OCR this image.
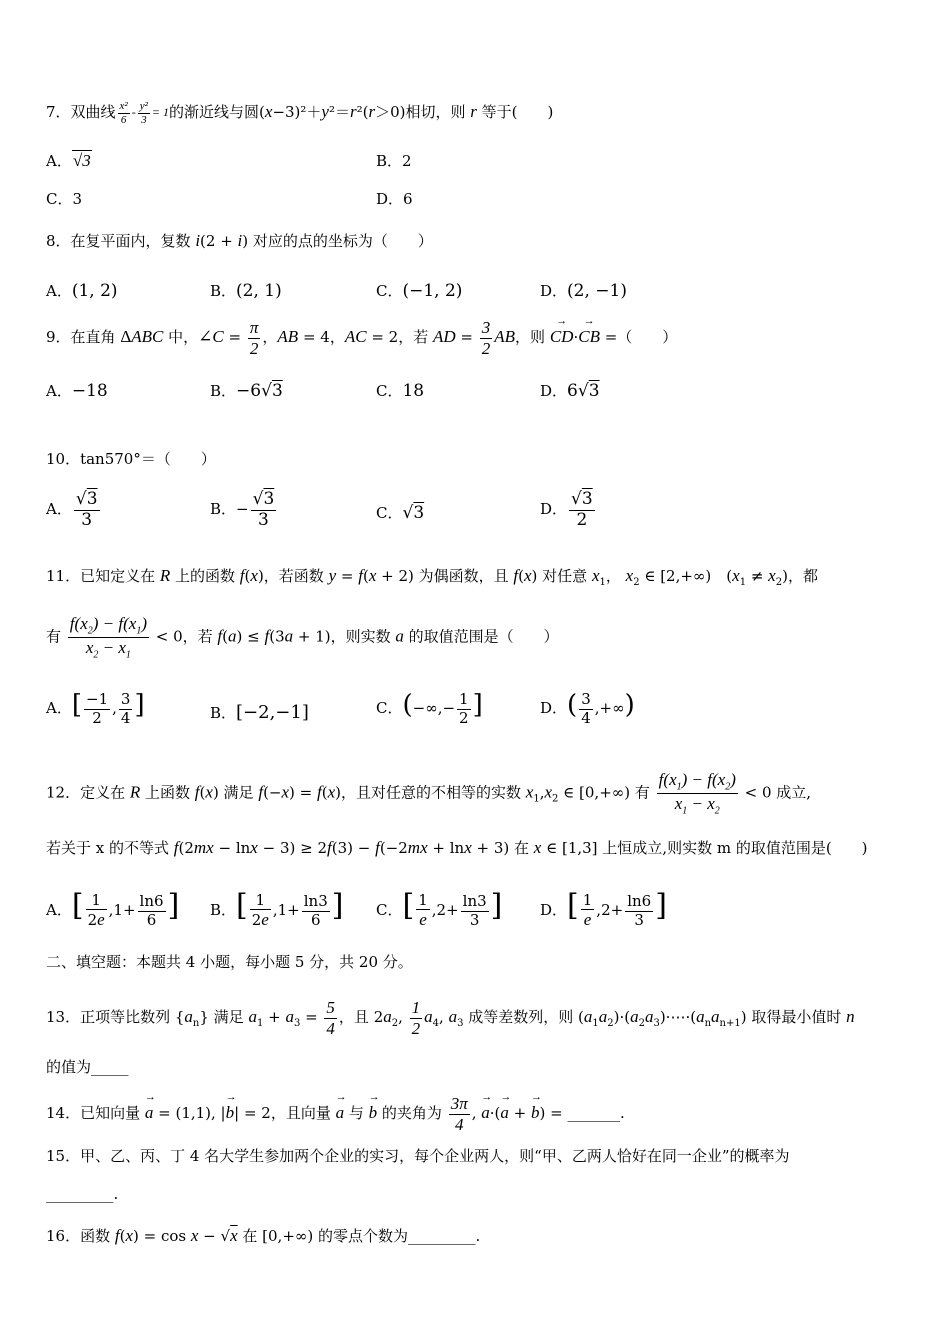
7．双曲线 $\frac{\text{x²}}{6} - \frac{\text{y²}}{3} = 1$的渐近线与圆(x−3)²＋y²＝r²(r＞0)相切，则 r 等于(　　)
A．√3	B．2
C．3	D．6
8．在复平面内，复数 i(2 + i) 对应的点的坐标为（　　）
A．(1, 2)	B．(2, 1)	C．(−1, 2)	D．(2, −1)
9．在直角 ΔABC 中，∠C = $\frac{\pi}{2}$ ，AB = 4，AC = 2，若 AD = $\frac{3}{2}$ AB，则 → CD·→ CB =（　　）
A．−18	B．−6√3	C．18	D．6√3
10．tan570°＝（　　）
A． $\frac{√3}{3}$	B．− $\frac{√3}{3}$	C．√3	D． $\frac{√3}{2}$
11．已知定义在 R 上的函数 f(x)，若函数 y = f(x + 2) 为偶函数，且 f(x) 对任意 $x_1$， $x_2$ ∈ [2,+∞)　$(x_1 \ne x_2)$，都
有 $\frac{f(x_2) - f(x_1)}{x_2 - x_1} < 0$，若 f(a) ≤ f(3a + 1)，则实数 a 的取值范围是（　　）
A．[ $\frac{-1}{2}$ , $\frac{3}{4}$ ]	B．[−2,−1]	C．(−∞,− $\frac{1}{2}$ ]	D．( $\frac{3}{4}$ ,+∞)
12．定义在 R 上函数 f(x) 满足 f(−x) = f(x)，且对任意的不相等的实数 $x_1,x_2$ ∈ [0,+∞) 有 $\frac{f(x_1) - f(x_2)}{x_1 - x_2} < 0$ 成立,
若关于 x 的不等式 f(2mx − lnx − 3) ≥ 2f(3) − f(−2mx + lnx + 3) 在 x ∈ [1,3] 上恒成立,则实数 m 的取值范围是(　　)
A．[ $\frac{1}{2e} ,1+ \frac{\ln 6}{6}$ ] B．[ $\frac{1}{2e} ,1+ \frac{\ln 3}{6}$ ] C．[ $\frac{1}{e} ,2+ \frac{\ln 3}{3}$ ]	D．[ $\frac{1}{e} ,2+ \frac{\ln 6}{3}$ ]
二、填空题：本题共 4 小题，每小题 5 分，共 20 分。
13．正项等比数列 $\{a_n\}$ 满足 $a_1 + a_3 = \frac{5}{4}$ ，且 $2a_2$, $\frac{1}{2} a_4$, $a_3$ 成等差数列，则 $(a_1a_2)\cdot(a_2a_3)\cdot\cdots\cdot(a_na_{n+1})$ 取得最小值时 n
的值为_____
14．已知向量 → a = (1,1), |→ b| = 2，且向量 → a 与 → b 的夹角为 $\frac{3\pi}{4}$ , → a·(→ a + → b) = _______.
15．甲、乙、丙、丁 4 名大学生参加两个企业的实习，每个企业两人，则“甲、乙两人恰好在同一企业”的概率为
_________.
16．函数 f(x) = cos x − √x 在 [0,+∞) 的零点个数为_________.
